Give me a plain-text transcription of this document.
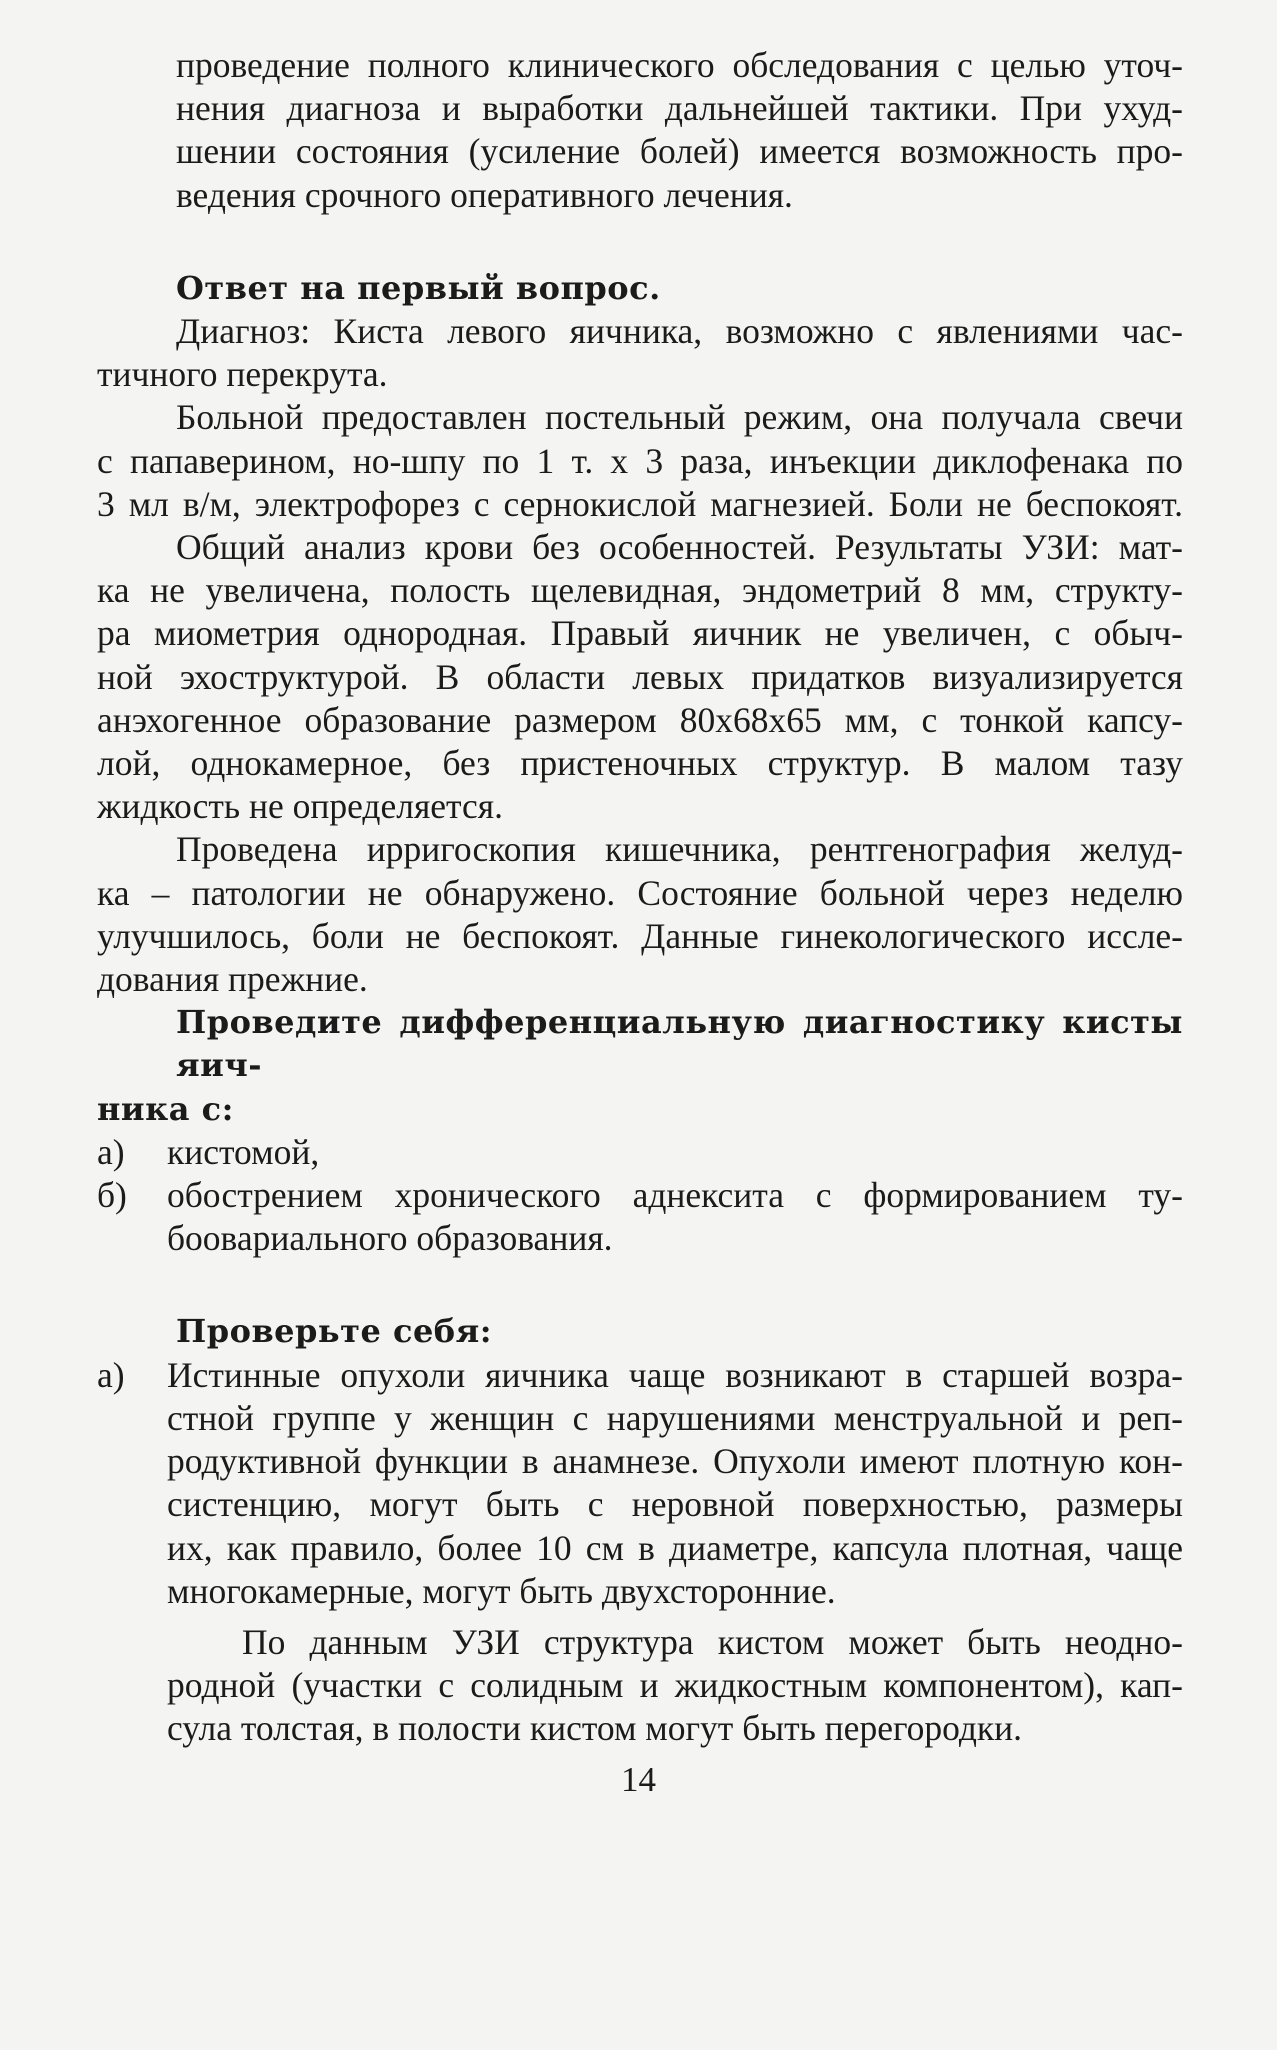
проведение полного клинического обследования с целью уточ-
нения диагноза и выработки дальнейшей тактики. При ухуд-
шении состояния (усиление болей) имеется возможность про-
ведения срочного оперативного лечения.

Ответ на первый вопрос.

Диагноз: Киста левого яичника, возможно с явлениями час-
тичного перекрута.

Больной предоставлен постельный режим, она получала свечи
с папаверином, но-шпу по 1 т. х 3 раза, инъекции диклофенака по
3 мл в/м, электрофорез с сернокислой магнезией. Боли не беспокоят.

Общий анализ крови без особенностей. Результаты УЗИ: мат-
ка не увеличена, полость щелевидная, эндометрий 8 мм, структу-
ра миометрия однородная. Правый яичник не увеличен, с обыч-
ной эхоструктурой. В области левых придатков визуализируется
анэхогенное образование размером 80х68х65 мм, с тонкой капсу-
лой, однокамерное, без пристеночных структур. В малом тазу
жидкость не определяется.

Проведена ирригоскопия кишечника, рентгенография желуд-
ка – патологии не обнаружено. Состояние больной через неделю
улучшилось, боли не беспокоят. Данные гинекологического иссле-
дования прежние.

Проведите дифференциальную диагностику кисты яич-
ника с:

а)	кистомой,
б)	обострением хронического аднексита с формированием ту-
боовариального образования.

Проверьте себя:

а)	Истинные опухоли яичника чаще возникают в старшей возра-
стной группе у женщин с нарушениями менструальной и реп-
родуктивной функции в анамнезе. Опухоли имеют плотную кон-
систенцию, могут быть с неровной поверхностью, размеры
их, как правило, более 10 см в диаметре, капсула плотная, чаще
многокамерные, могут быть двухсторонние.

По данным УЗИ структура кистом может быть неодно-
родной (участки с солидным и жидкостным компонентом), кап-
сула толстая, в полости кистом могут быть перегородки.

14
